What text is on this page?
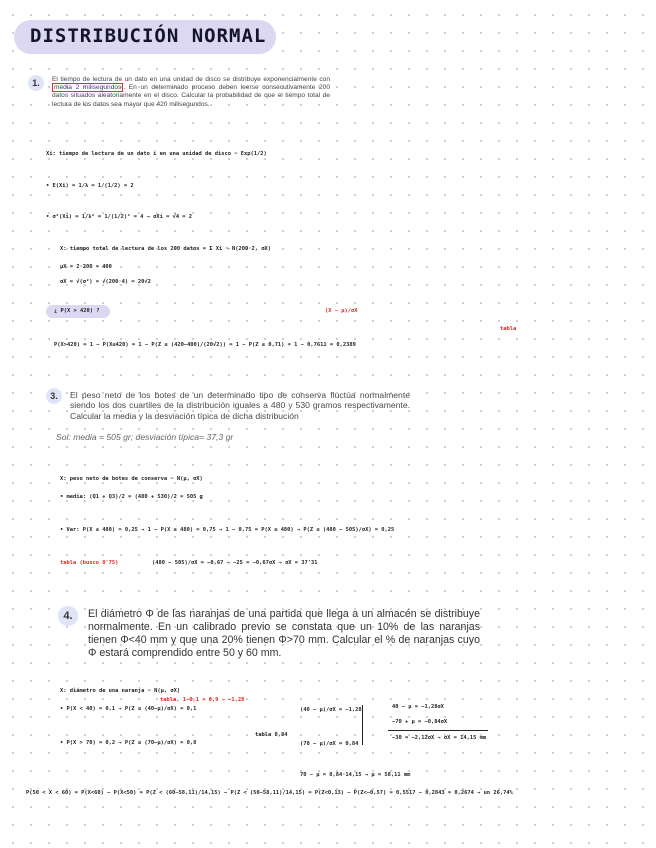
DISTRIBUCIÓN NORMAL
1.	El tiempo de lectura de un dato en una unidad de disco se distribuye exponencialmente con media 2 milisegundos . En un determinado proceso deben leerse consecutivamente 200 datos situados aleatoriamente en el disco. Calcular la probabilidad de que el tiempo total de lectura de los datos sea mayor que 420 milisegundos.
Xi: tiempo de lectura de un dato i en una unidad de disco ~ Exp(1/2)
• E(Xi) = 1/λ = 1/(1/2) = 2
• σ²(Xi) = 1/λ² = 1/(1/2)² = 4 → σXi = √4 = 2
X: tiempo total de lectura de los 200 datos = Σ Xi ~ N(200·2, σX)
μX = 2·200 = 400
σX = √(σ²) = √(200·4) = 20√2
¿ P(X > 420) ?	(X − μ)/σX
tabla
P(X>420) = 1 − P(X≤420) = 1 − P(Z ≤ (420−400)/(20√2)) = 1 − P(Z ≤ 0,71) = 1 − 0,7611 = 0,2389
3.	El peso neto de los botes de un determinado tipo de conserva fluctúa normalmente siendo los dos cuartiles de la distribución iguales a 480 y 530 gramos respectivamente. Calcular la media y la desviación típica de dicha distribución
Sol: media = 505 gr; desviación típica= 37,3 gr
X: peso neto de botes de conserva ~ N(μ, σX)
• media: (Q1 + Q3)/2 = (480 + 530)/2 = 505 g
• Var: P(X ≤ 480) = 0,25 → 1 − P(X ≥ 480) = 0,75 → 1 − 0,75 = P(X ≤ 480) → P(Z ≤ (480 − 505)/σX) = 0,25
tabla (busco 0'75)	(480 − 505)/σX = −0,67 → −25 = −0,67σX → σX = 37'31
4.	El diámetro Φ de las naranjas de una partida que llega a un almacén se distribuye normalmente. En un calibrado previo se constata que un 10% de las naranjas tienen Φ<40 mm y que una 20% tienen Φ>70 mm. Calcular el % de naranjas cuyo Φ estará comprendido entre 50 y 60 mm.
X: diámetro de una naranja ~ N(μ, σX)
• P(X < 40) = 0,1 → P(Z ≤ (40−μ)/σX) = 0,1
tabla, 1−0,1 = 0,9 → −1,28
• P(X > 70) = 0,2 → P(Z ≤ (70−μ)/σX) = 0,8
tabla 0,84
(40 − μ)/σX = −1,28
(70 − μ)/σX = 0,84
40 − μ = −1,28σX
−70 + μ = −0,84σX
−30 = −2,12σX → σX = 14,15 mm
70 − μ = 0,84·14,15 → μ = 58,11 mm
P(50 < X < 60) = P(X<60) − P(X<50) = P(Z < (60−58,11)/14,15) − P(Z < (50−58,11)/14,15) = P(Z<0,13) − P(Z<−0,57) = 0,5517 − 0,2843 = 0,2674 → un 26,74%
